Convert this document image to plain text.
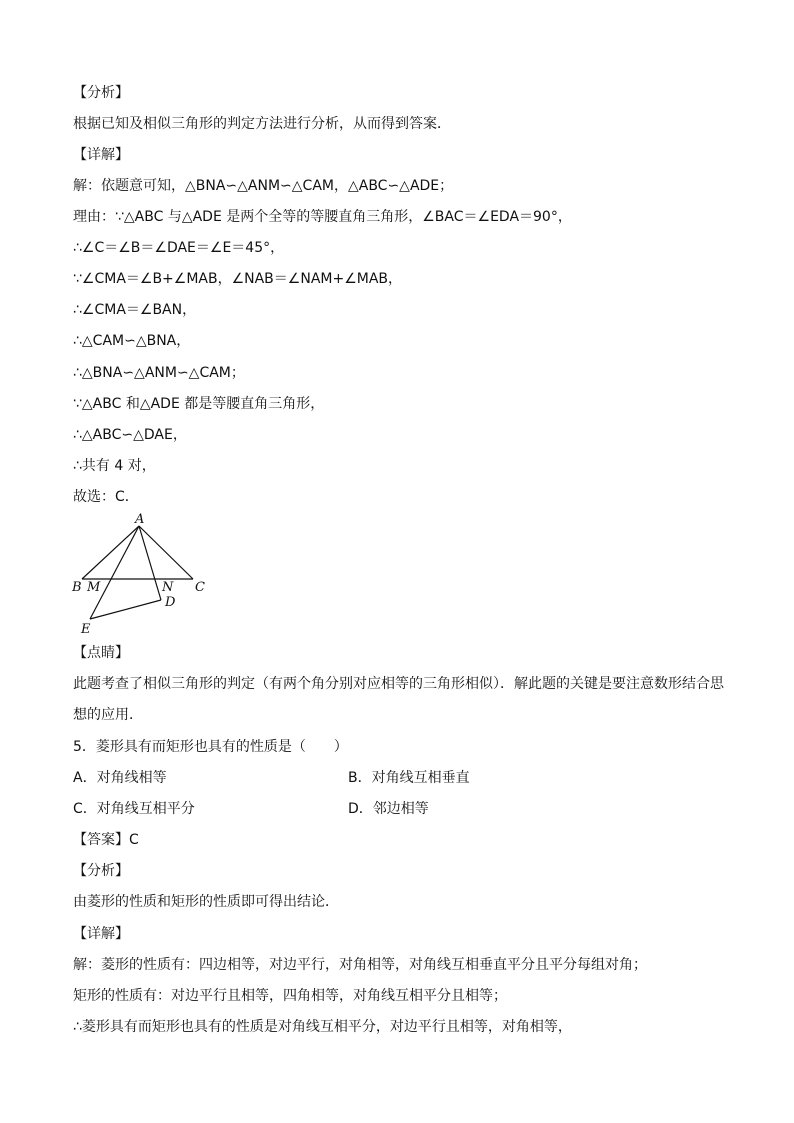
【分析】
根据已知及相似三角形的判定方法进行分析，从而得到答案．
【详解】
解：依题意可知，△BNA∽△ANM∽△CAM，△ABC∽△ADE；
理由：∵△ABC 与△ADE 是两个全等的等腰直角三角形，∠BAC＝∠EDA＝90°，
∴∠C＝∠B＝∠DAE＝∠E＝45°，
∵∠CMA＝∠B+∠MAB，∠NAB＝∠NAM+∠MAB，
∴∠CMA＝∠BAN，
∴△CAM∽△BNA，
∴△BNA∽△ANM∽△CAM；
∵△ABC 和△ADE 都是等腰直角三角形，
∴△ABC∽△DAE，
∴共有 4 对，
故选：C．
A
B M	N C
D
E
【点睛】
此题考查了相似三角形的判定（有两个角分别对应相等的三角形相似）．解此题的关键是要注意数形结合思想的应用．
5．菱形具有而矩形也具有的性质是（　　）
A．对角线相等	B．对角线互相垂直
C．对角线互相平分	D．邻边相等
【答案】C
【分析】
由菱形的性质和矩形的性质即可得出结论．
【详解】
解：菱形的性质有：四边相等，对边平行，对角相等，对角线互相垂直平分且平分每组对角；
矩形的性质有：对边平行且相等，四角相等，对角线互相平分且相等；
∴菱形具有而矩形也具有的性质是对角线互相平分，对边平行且相等，对角相等，
